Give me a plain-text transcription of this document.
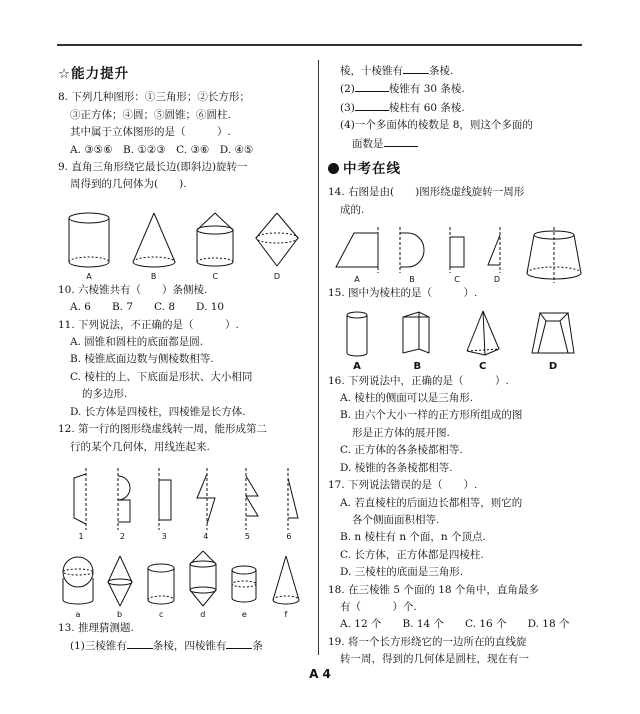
☆能力提升

8. 下列几种图形：①三角形；②长方形；

③正方体；④圆；⑤圆锥；⑥圆柱.

其中属于立体图形的是（　　　）.

A. ③⑤⑥　B. ①②③　C. ③⑥　D. ④⑤

9. 直角三角形绕它最长边(即斜边)旋转一

周得到的几何体为(　　).

A	B	C	D

10. 六棱锥共有（　　）条侧棱.

A. 6　　B. 7　　C. 8　　D. 10

11. 下列说法，不正确的是（　　　）.

A. 圆锥和圆柱的底面都是圆.

B. 棱锥底面边数与侧棱数相等.

C. 棱柱的上、下底面是形状、大小相同

的多边形.

D. 长方体是四棱柱，四棱锥是长方体.

12. 第一行的图形绕虚线转一周，能形成第二

行的某个几何体，用线连起来.

1	2	3	4	5	6
a	b	c	d	e	f

13. 推理猜测题.

(1)三棱锥有 条棱，四棱锥有 条

棱，十棱锥有 条棱.

(2)	棱锥有 30 条棱.

(3)	棱柱有 60 条棱.

(4)一个多面体的棱数是 8，则这个多面的

面数是

中考在线

14. 右图是由(　　)图形绕虚线旋转一周形

成的.

A	B	C	D

15. 图中为棱柱的是（　　　）.

A	B	C	D

16. 下列说法中，正确的是（　　　）.

A. 棱柱的侧面可以是三角形.

B. 由六个大小一样的正方形所组成的图

形是正方体的展开图.

C. 正方体的各条棱都相等.

D. 棱锥的各条棱都相等.

17. 下列说法错误的是（　　）.

A. 若直棱柱的后面边长都相等，则它的

各个侧面面积相等.

B. n 棱柱有 n 个面，n 个顶点.

C. 长方体，正方体都是四棱柱.

D. 三棱柱的底面是三角形.

18. 在三棱锥 5 个面的 18 个角中，直角最多

有（　　　）个.

A. 12 个　　B. 14 个　　C. 16 个　　D. 18 个

19. 将一个长方形绕它的一边所在的直线旋

转一周，得到的几何体是圆柱，现在有一

A 4
